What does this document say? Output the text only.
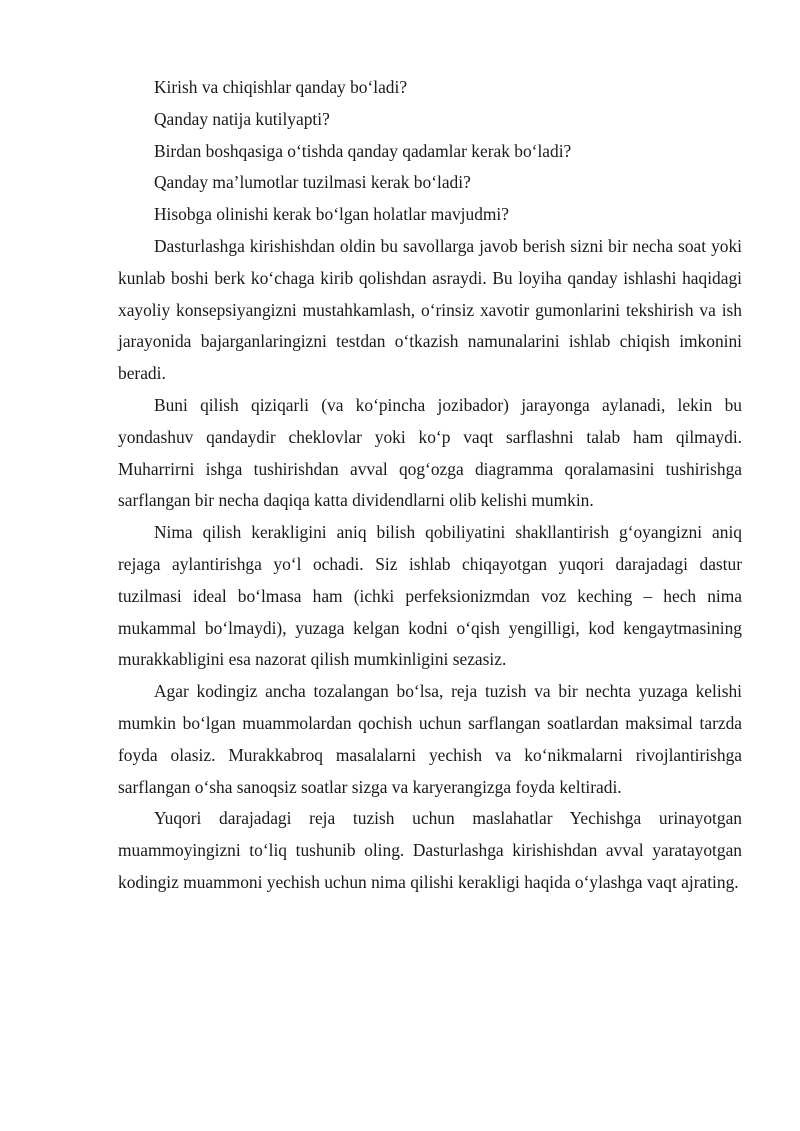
Kirish va chiqishlar qanday bo‘ladi?

Qanday natija kutilyapti?

Birdan boshqasiga o‘tishda qanday qadamlar kerak bo‘ladi?

Qanday ma’lumotlar tuzilmasi kerak bo‘ladi?

Hisobga olinishi kerak bo‘lgan holatlar mavjudmi?

Dasturlashga kirishishdan oldin bu savollarga javob berish sizni bir necha soat yoki kunlab boshi berk ko‘chaga kirib qolishdan asraydi. Bu loyiha qanday ishlashi haqidagi xayoliy konsepsiyangizni mustahkamlash, o‘rinsiz xavotir gumonlarini tekshirish va ish jarayonida bajarganlaringizni testdan o‘tkazish namunalarini ishlab chiqish imkonini beradi.

Buni qilish qiziqarli (va ko‘pincha jozibador) jarayonga aylanadi, lekin bu yondashuv qandaydir cheklovlar yoki ko‘p vaqt sarflashni talab ham qilmaydi. Muharrirni ishga tushirishdan avval qog‘ozga diagramma qoralamasini tushirishga sarflangan bir necha daqiqa katta dividendlarni olib kelishi mumkin.

Nima qilish kerakligini aniq bilish qobiliyatini shakllantirish g‘oyangizni aniq rejaga aylantirishga yo‘l ochadi. Siz ishlab chiqayotgan yuqori darajadagi dastur tuzilmasi ideal bo‘lmasa ham (ichki perfeksionizmdan voz keching – hech nima mukammal bo‘lmaydi), yuzaga kelgan kodni o‘qish yengilligi, kod kengaytmasining murakkabligini esa nazorat qilish mumkinligini sezasiz.

Agar kodingiz ancha tozalangan bo‘lsa, reja tuzish va bir nechta yuzaga kelishi mumkin bo‘lgan muammolardan qochish uchun sarflangan soatlardan maksimal tarzda foyda olasiz. Murakkabroq masalalarni yechish va ko‘nikmalarni rivojlantirishga sarflangan o‘sha sanoqsiz soatlar sizga va karyerangizga foyda keltiradi.

Yuqori darajadagi reja tuzish uchun maslahatlar Yechishga urinayotgan muammoyingizni to‘liq tushunib oling. Dasturlashga kirishishdan avval yaratayotgan kodingiz muammoni yechish uchun nima qilishi kerakligi haqida o‘ylashga vaqt ajrating.
